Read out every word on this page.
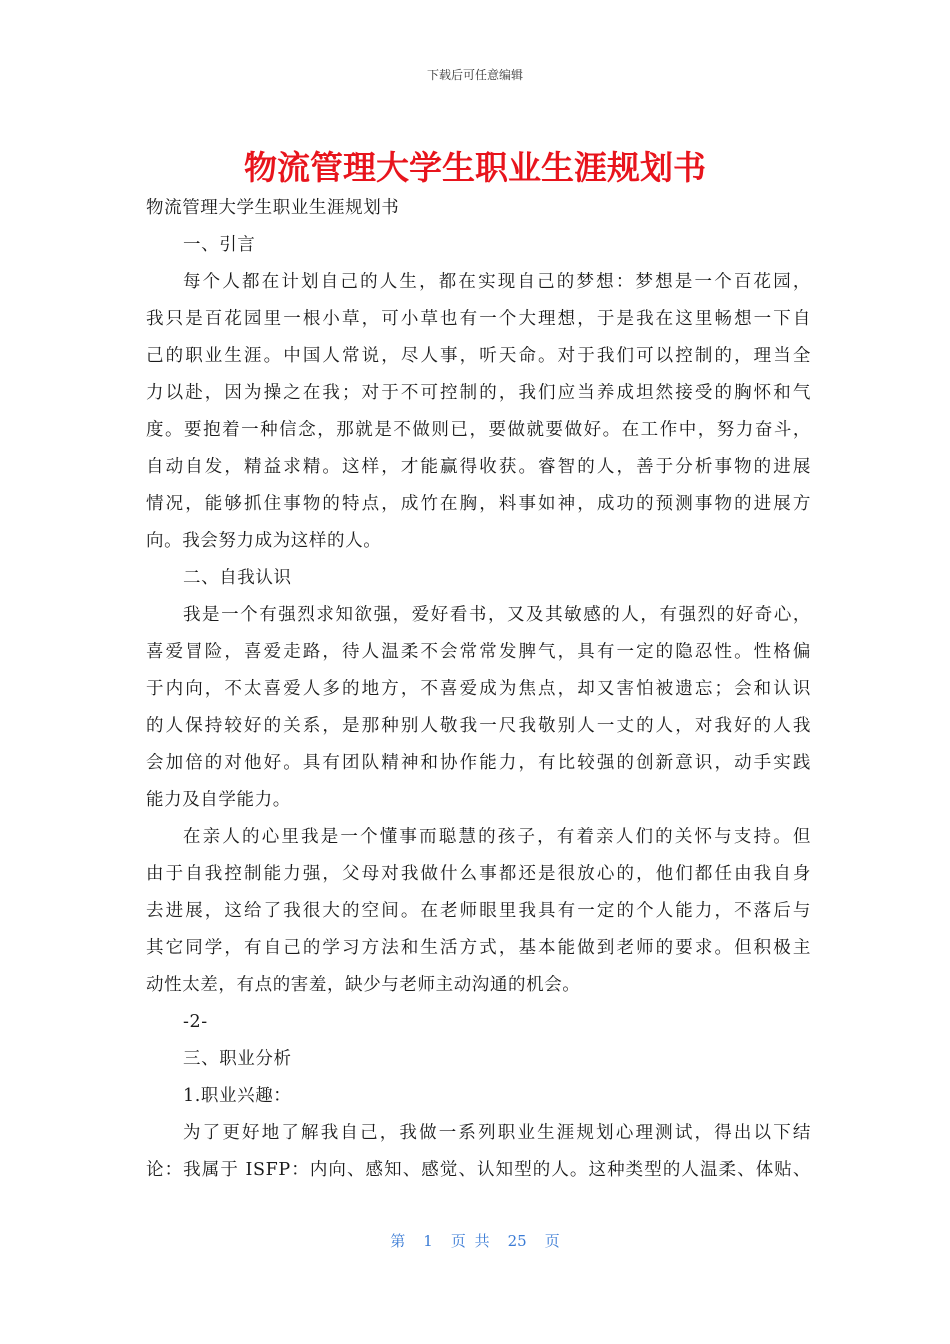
下载后可任意编辑
物流管理大学生职业生涯规划书
物流管理大学生职业生涯规划书
一、引言
每个人都在计划自己的人生，都在实现自己的梦想：梦想是一个百花园，
我只是百花园里一根小草，可小草也有一个大理想，于是我在这里畅想一下自
己的职业生涯。中国人常说，尽人事，听天命。对于我们可以控制的，理当全
力以赴，因为操之在我；对于不可控制的，我们应当养成坦然接受的胸怀和气
度。要抱着一种信念，那就是不做则已，要做就要做好。在工作中，努力奋斗，
自动自发，精益求精。这样，才能赢得收获。睿智的人，善于分析事物的进展
情况，能够抓住事物的特点，成竹在胸，料事如神，成功的预测事物的进展方
向。我会努力成为这样的人。
二、自我认识
我是一个有强烈求知欲强，爱好看书，又及其敏感的人，有强烈的好奇心，
喜爱冒险，喜爱走路，待人温柔不会常常发脾气，具有一定的隐忍性。性格偏
于内向，不太喜爱人多的地方，不喜爱成为焦点，却又害怕被遗忘；会和认识
的人保持较好的关系，是那种别人敬我一尺我敬别人一丈的人，对我好的人我
会加倍的对他好。具有团队精神和协作能力，有比较强的创新意识，动手实践
能力及自学能力。
在亲人的心里我是一个懂事而聪慧的孩子，有着亲人们的关怀与支持。但
由于自我控制能力强，父母对我做什么事都还是很放心的，他们都任由我自身
去进展，这给了我很大的空间。在老师眼里我具有一定的个人能力，不落后与
其它同学，有自己的学习方法和生活方式，基本能做到老师的要求。但积极主
动性太差，有点的害羞，缺少与老师主动沟通的机会。
-2-
三、职业分析
1.职业兴趣：
为了更好地了解我自己，我做一系列职业生涯规划心理测试，得出以下结
论：我属于 ISFP：内向、感知、感觉、认知型的人。这种类型的人温柔、体贴、
第 1 页 共 25 页
